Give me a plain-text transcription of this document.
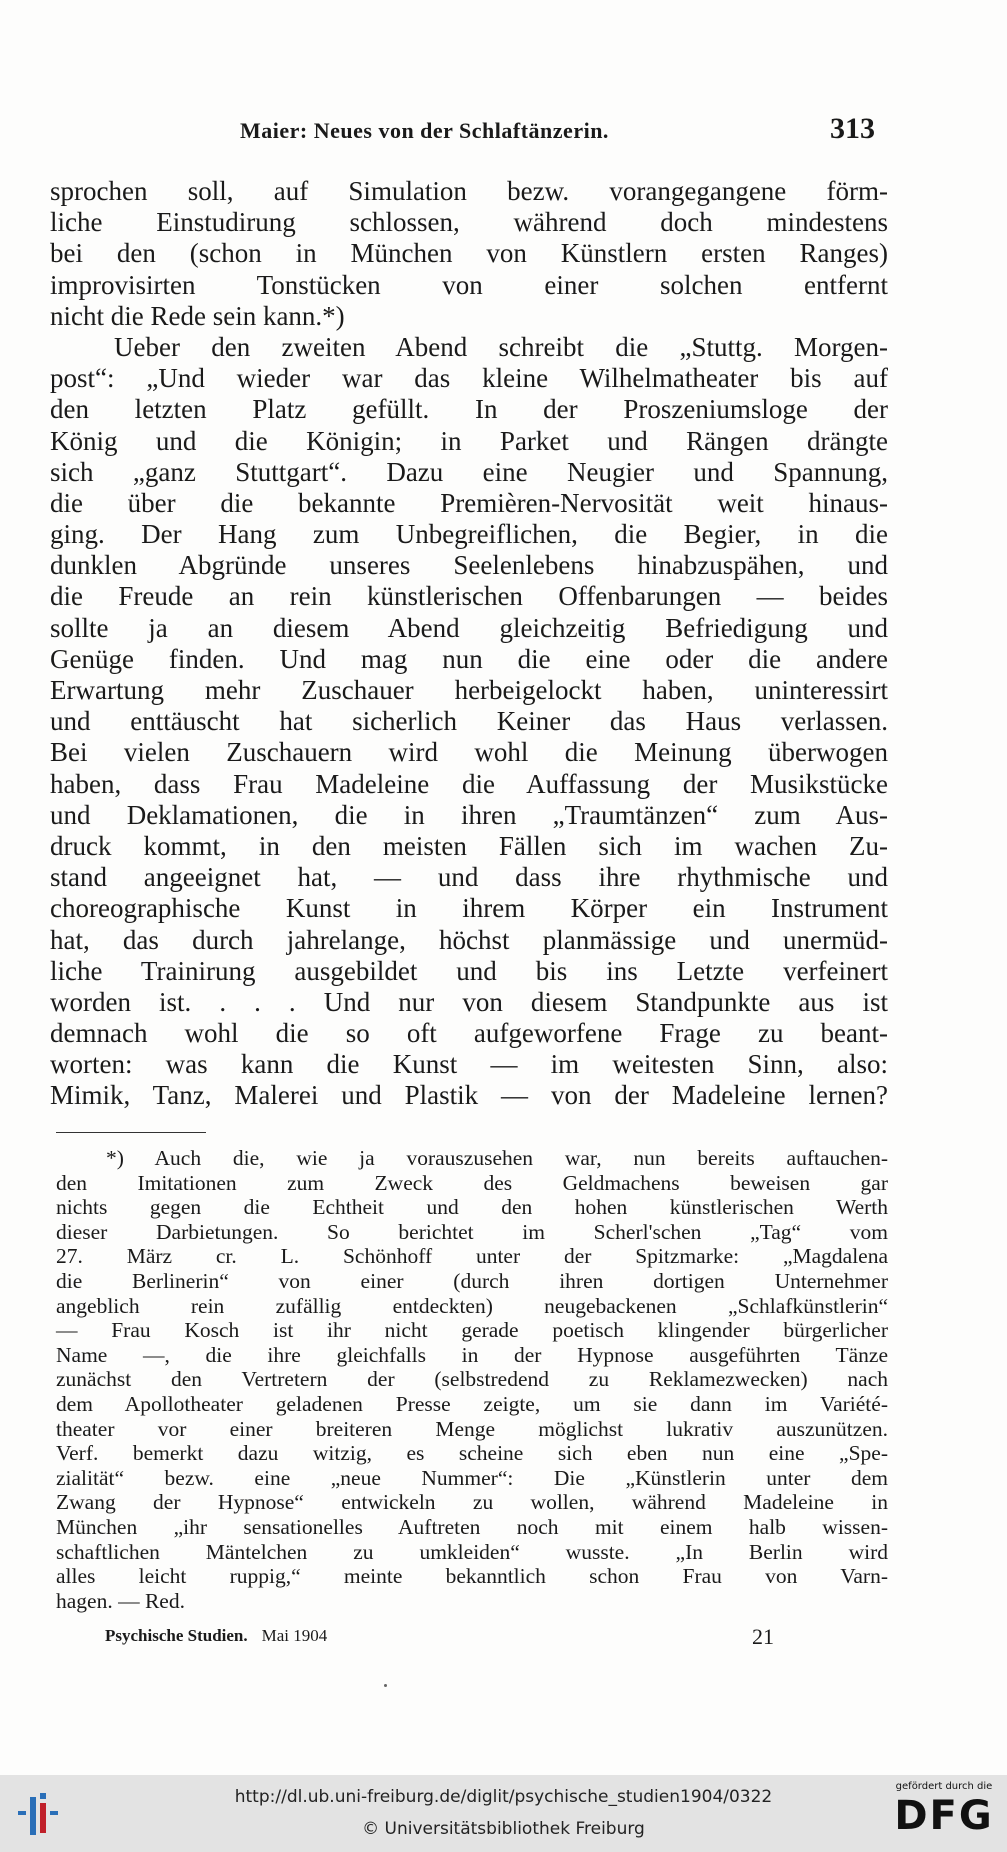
Maier: Neues von der Schlaftänzerin.	313
sprochen soll, auf Simulation bezw. vorangegangene förm-
liche Einstudirung schlossen, während doch mindestens
bei den (schon in München von Künstlern ersten Ranges)
improvisirten Tonstücken von einer solchen entfernt
nicht die Rede sein kann.*)
Ueber den zweiten Abend schreibt die „Stuttg. Morgen-
post“: „Und wieder war das kleine Wilhelmatheater bis auf
den letzten Platz gefüllt. In der Proszeniumsloge der
König und die Königin; in Parket und Rängen drängte
sich „ganz Stuttgart“. Dazu eine Neugier und Spannung,
die über die bekannte Premièren-Nervosität weit hinaus-
ging. Der Hang zum Unbegreiflichen, die Begier, in die
dunklen Abgründe unseres Seelenlebens hinabzuspähen, und
die Freude an rein künstlerischen Offenbarungen — beides
sollte ja an diesem Abend gleichzeitig Befriedigung und
Genüge finden. Und mag nun die eine oder die andere
Erwartung mehr Zuschauer herbeigelockt haben, uninteressirt
und enttäuscht hat sicherlich Keiner das Haus verlassen.
Bei vielen Zuschauern wird wohl die Meinung überwogen
haben, dass Frau Madeleine die Auffassung der Musikstücke
und Deklamationen, die in ihren „Traumtänzen“ zum Aus-
druck kommt, in den meisten Fällen sich im wachen Zu-
stand angeeignet hat, — und dass ihre rhythmische und
choreographische Kunst in ihrem Körper ein Instrument
hat, das durch jahrelange, höchst planmässige und unermüd-
liche Trainirung ausgebildet und bis ins Letzte verfeinert
worden ist. . . . Und nur von diesem Standpunkte aus ist
demnach wohl die so oft aufgeworfene Frage zu beant-
worten: was kann die Kunst — im weitesten Sinn, also:
Mimik, Tanz, Malerei und Plastik — von der Madeleine lernen?
*) Auch die, wie ja vorauszusehen war, nun bereits auftauchen-
den Imitationen zum Zweck des Geldmachens beweisen gar
nichts gegen die Echtheit und den hohen künstlerischen Werth
dieser Darbietungen. So berichtet im Scherl'schen „Tag“ vom
27. März cr. L. Schönhoff unter der Spitzmarke: „Magdalena
die Berlinerin“ von einer (durch ihren dortigen Unternehmer
angeblich rein zufällig entdeckten) neugebackenen „Schlafkünstlerin“
— Frau Kosch ist ihr nicht gerade poetisch klingender bürgerlicher
Name —, die ihre gleichfalls in der Hypnose ausgeführten Tänze
zunächst den Vertretern der (selbstredend zu Reklamezwecken) nach
dem Apollotheater geladenen Presse zeigte, um sie dann im Variété-
theater vor einer breiteren Menge möglichst lukrativ auszunützen.
Verf. bemerkt dazu witzig, es scheine sich eben nun eine „Spe-
zialität“ bezw. eine „neue Nummer“: Die „Künstlerin unter dem
Zwang der Hypnose“ entwickeln zu wollen, während Madeleine in
München „ihr sensationelles Auftreten noch mit einem halb wissen-
schaftlichen Mäntelchen zu umkleiden“ wusste. „In Berlin wird
alles leicht ruppig,“ meinte bekanntlich schon Frau von Varn-
hagen. — Red.
Psychische Studien. Mai 1904	21
http://dl.ub.uni-freiburg.de/diglit/psychische_studien1904/0322
© Universitätsbibliothek Freiburg
gefördert durch die
DFG
